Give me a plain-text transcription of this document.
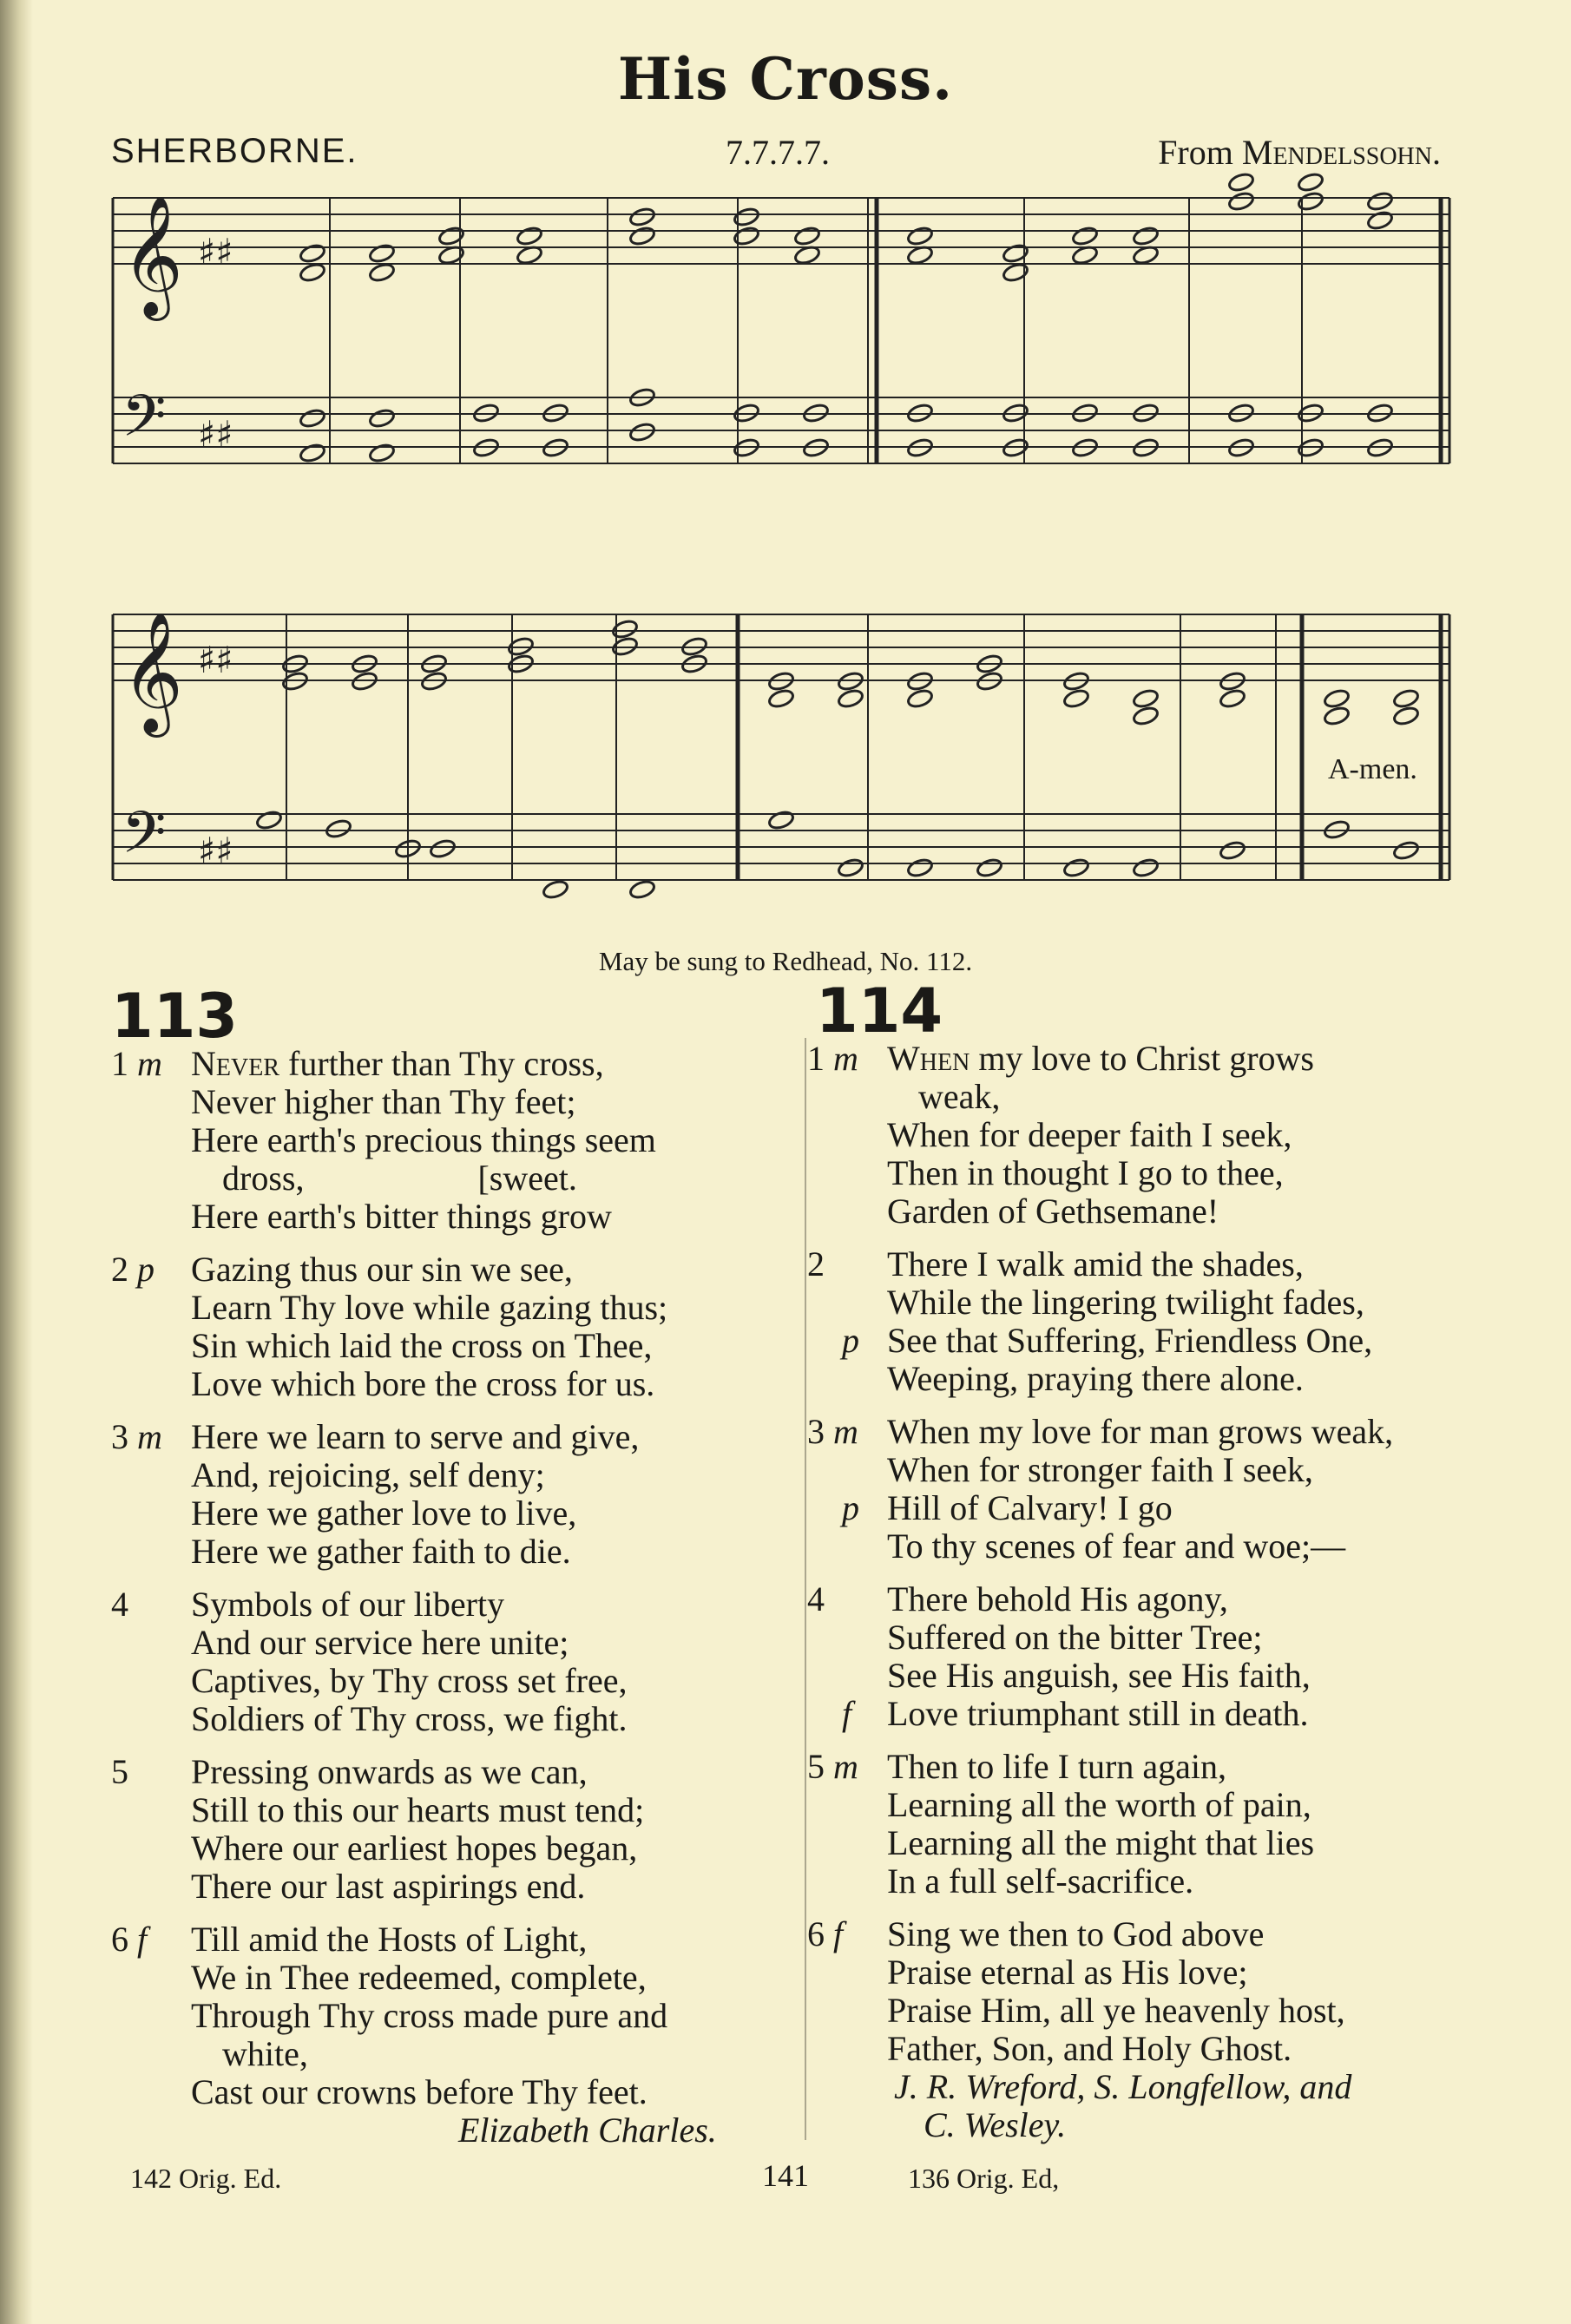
His Cross.
SHERBORNE.	7.7.7.7.	From Mendelssohn.
𝄞
𝄢
♯♯
♯♯
𝄞
𝄢
♯♯
♯♯
A-men.
May be sung to Redhead, No. 112.
113	114
1 m Never further than Thy cross,
Never higher than Thy feet;
Here earth's precious things seem
dross,                    [sweet.
Here earth's bitter things grow
2 p	Gazing thus our sin we see,
Learn Thy love while gazing thus;
Sin which laid the cross on Thee,
Love which bore the cross for us.
3 m Here we learn to serve and give,
And, rejoicing, self deny;
Here we gather love to live,
Here we gather faith to die.
4	Symbols of our liberty
And our service here unite;
Captives, by Thy cross set free,
Soldiers of Thy cross, we fight.
5	Pressing onwards as we can,
Still to this our hearts must tend;
Where our earliest hopes began,
There our last aspirings end.
6 f	Till amid the Hosts of Light,
We in Thee redeemed, complete,
Through Thy cross made pure and
white,
Cast our crowns before Thy feet.
Elizabeth Charles.
1 m When my love to Christ grows
weak,
When for deeper faith I seek,
Then in thought I go to thee,
Garden of Gethsemane!
2	There I walk amid the shades,
While the lingering twilight fades,
p See that Suffering, Friendless One,
Weeping, praying there alone.
3 m When my love for man grows weak,
When for stronger faith I seek,
p Hill of Calvary! I go
To thy scenes of fear and woe;—
4	There behold His agony,
Suffered on the bitter Tree;
See His anguish, see His faith,
f Love triumphant still in death.
5 m Then to life I turn again,
Learning all the worth of pain,
Learning all the might that lies
In a full self-sacrifice.
6 f	Sing we then to God above
Praise eternal as His love;
Praise Him, all ye heavenly host,
Father, Son, and Holy Ghost.
J. R. Wreford, S. Longfellow, and
C. Wesley.
142 Orig. Ed.	141	136 Orig. Ed,
